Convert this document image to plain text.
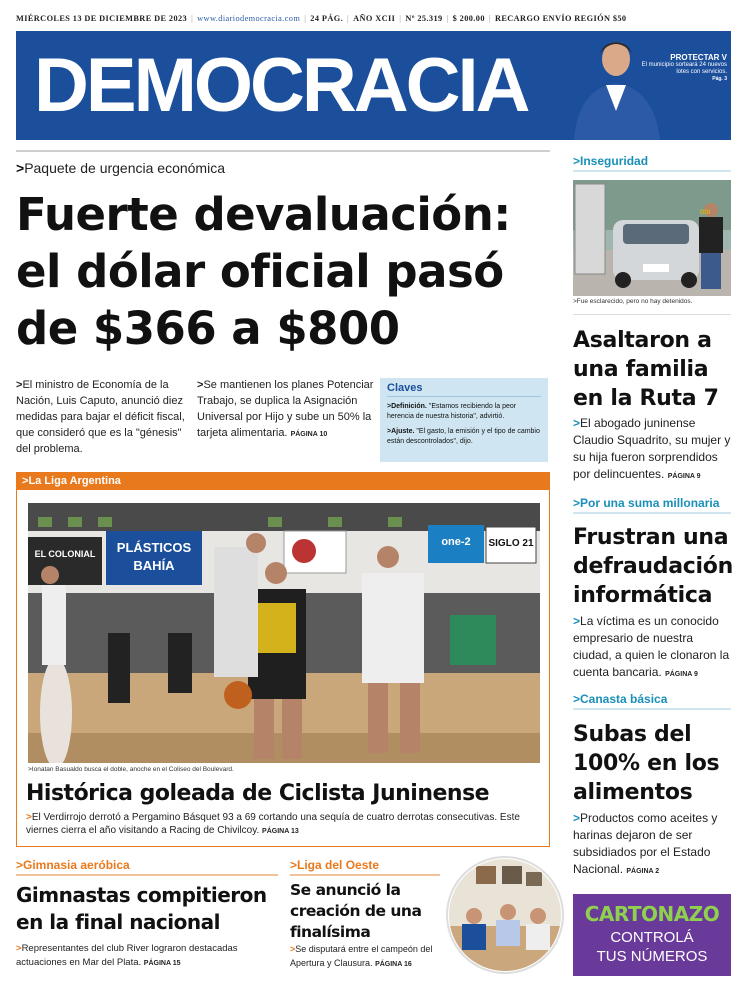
MIÉRCOLES 13 DE DICIEMBRE DE 2023 | www.diariodemocracia.com | 24 PÁG. | AÑO XCII | Nº 25.319 | $ 200.00 | RECARGO ENVÍO REGIÓN $50
DEMOCRACIA	PROTECTAR V
El municipio sorteará 24 nuevos lotes con servicios.
Pág. 3
>Paquete de urgencia económica
Fuerte devaluación:
el dólar oficial pasó
de $366 a $800
>El ministro de Economía de la Nación, Luis Caputo, anunció diez medidas para bajar el déficit fiscal, que consideró que es la "génesis" del problema.
>Se mantienen los planes Potenciar Trabajo, se duplica la Asignación Universal por Hijo y sube un 50% la tarjeta alimentaria. PÁGINA 10
Claves
>Definición. "Estamos recibiendo la peor herencia de nuestra historia", advirtió.
>Ajuste. "El gasto, la emisión y el tipo de cambio están descontrolados", dijo.
>La Liga Argentina
PLÁSTICOS BAHÍA
SIGLO 21
one-2
EL COLONIAL
>Ionatan Basualdo busca el doble, anoche en el Coliseo del Boulevard.
Histórica goleada de Ciclista Juninense
>El Verdirrojo derrotó a Pergamino Básquet 93 a 69 cortando una sequía de cuatro derrotas consecutivas. Este viernes cierra el año visitando a Racing de Chivilcoy. PÁGINA 13
>Gimnasia aeróbica
Gimnastas compitieron
en la final nacional
>Representantes del club River lograron destacadas actuaciones en Mar del Plata. PÁGINA 15
>Liga del Oeste
Se anunció la
creación de una
finalísima
>Se disputará entre el campeón del Apertura y Clausura. PÁGINA 16
>Inseguridad
DDI
>Fue esclarecido, pero no hay detenidos.
Asaltaron a
una familia
en la Ruta 7
>El abogado juninense Claudio Squadrito, su mujer y su hija fueron sorprendidos por delincuentes. PÁGINA 9
>Por una suma millonaria
Frustran una
defraudación
informática
>La víctima es un conocido empresario de nuestra ciudad, a quien le clonaron la cuenta bancaria. PÁGINA 9
>Canasta básica
Subas del
100% en los
alimentos
>Productos como aceites y harinas dejaron de ser subsidiados por el Estado Nacional. PÁGINA 2
CARTONAZO
CONTROLÁ
TUS NÚMEROS
